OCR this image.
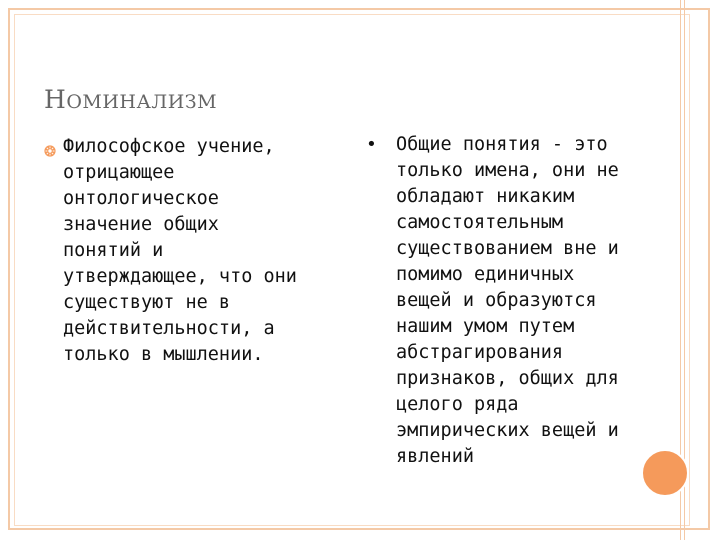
НОМИНАЛИЗМ
Философское учение,
отрицающее
онтологическое
значение общих
понятий и
утверждающее, что они
существуют не в
действительности, а
только в мышлении.
• Общие понятия - это
только имена, они не
обладают никаким
самостоятельным
существованием вне и
помимо единичных
вещей и образуются
нашим умом путем
абстрагирования
признаков, общих для
целого ряда
эмпирических вещей и
явлений
